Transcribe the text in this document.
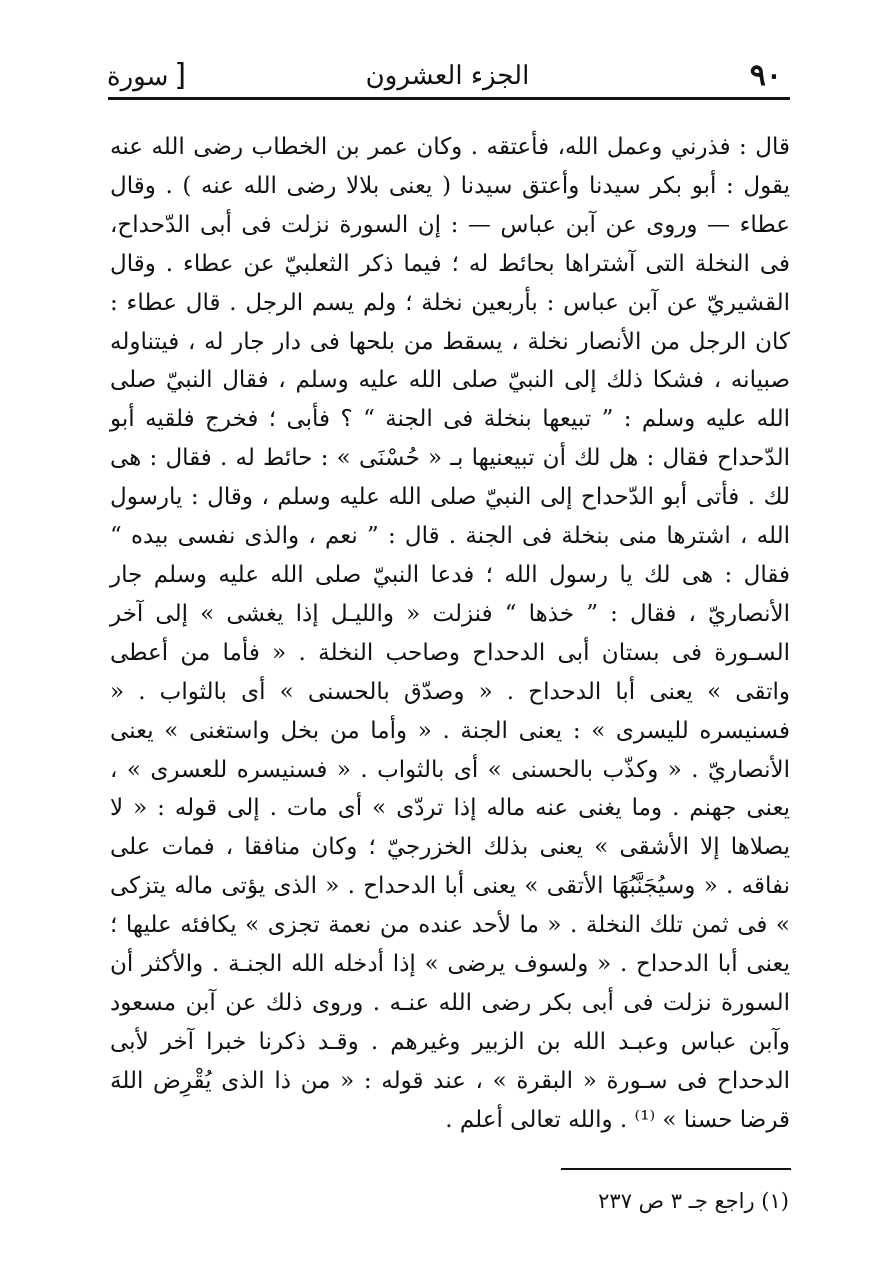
٩٠
الجزء العشرون
[سورة

قال : فذرني وعمل الله، فأعتقه . وكان عمر بن الخطاب رضى الله عنه يقول : أبو بكر سيدنا وأعتق سيدنا ( يعنى بلالا رضى الله عنه ) . وقال عطاء — وروى عن آبن عباس — : إن السورة نزلت فى أبى الدّحداح، فى النخلة التى آشتراها بحائط له ؛ فيما ذكر الثعلبيّ عن عطاء . وقال القشيريّ عن آبن عباس : بأربعين نخلة ؛ ولم يسم الرجل . قال عطاء : كان الرجل من الأنصار نخلة ، يسقط من بلحها فى دار جار له ، فيتناوله صبيانه ، فشكا ذلك إلى النبيّ صلى الله عليه وسلم ، فقال النبيّ صلى الله عليه وسلم : ” تبيعها بنخلة فى الجنة “ ؟ فأبى ؛ فخرج فلقيه أبو الدّحداح فقال : هل لك أن تبيعنيها بـ « حُسْنَى » : حائط له . فقال : هى لك . فأتى أبو الدّحداح إلى النبيّ صلى الله عليه وسلم ، وقال : يارسول الله ، اشترها منى بنخلة فى الجنة . قال : ” نعم ، والذى نفسى بيده “ فقال : هى لك يا رسول الله ؛ فدعا النبيّ صلى الله عليه وسلم جار الأنصاريّ ، فقال : ” خذها “ فنزلت « والليـل إذا يغشى » إلى آخر السـورة فى بستان أبى الدحداح وصاحب النخلة . « فأما من أعطى واتقى » يعنى أبا الدحداح . « وصدّق بالحسنى » أى بالثواب . « فسنيسره لليسرى » : يعنى الجنة . « وأما من بخل واستغنى » يعنى الأنصاريّ . « وكذّب بالحسنى » أى بالثواب . « فسنيسره للعسرى » ، يعنى جهنم . وما يغنى عنه ماله إذا تردّى » أى مات . إلى قوله : « لا يصلاها إلا الأشقى » يعنى بذلك الخزرجيّ ؛ وكان منافقا ، فمات على نفاقه . « وسيُجَنَّبُهَا الأتقى » يعنى أبا الدحداح . « الذى يؤتى ماله يتزكى » فى ثمن تلك النخلة . « ما لأحد عنده من نعمة تجزى » يكافئه عليها ؛ يعنى أبا الدحداح . « ولسوف يرضى » إذا أدخله الله الجنـة . والأكثر أن السورة نزلت فى أبى بكر رضى الله عنـه . وروى ذلك عن آبن مسعود وآبن عباس وعبـد الله بن الزبير وغيرهم . وقـد ذكرنا خبرا آخر لأبى الدحداح فى سـورة « البقرة » ، عند قوله : « من ذا الذى يُقْرِض اللهَ قرضا حسنا » ⁽¹⁾ . والله تعالى أعلم .

(١) راجع جـ ٣ ص ٢٣٧
